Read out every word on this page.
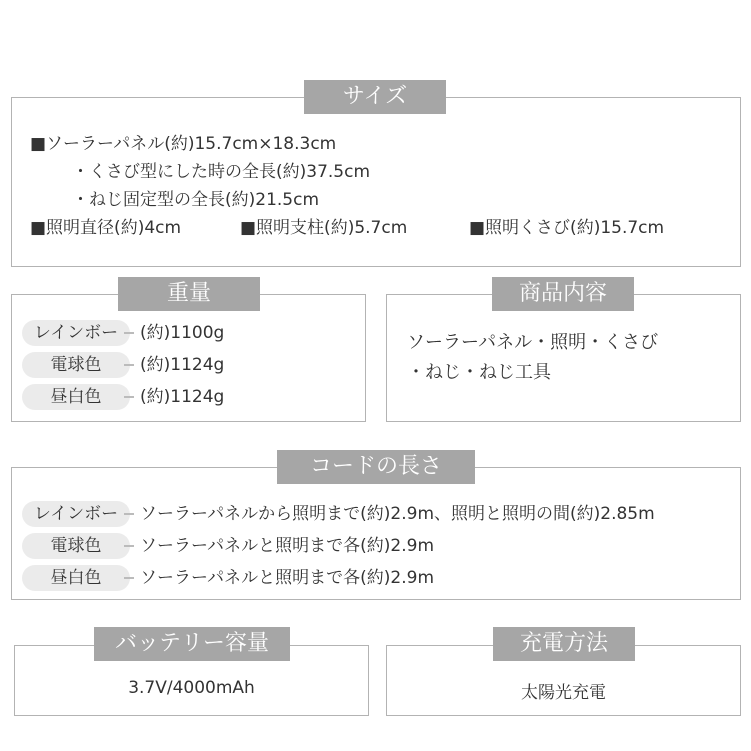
サイズ
■ソーラーパネル(約)15.7cm×18.3cm
・くさび型にした時の全長(約)37.5cm
・ねじ固定型の全長(約)21.5cm
■照明直径(約)4cm	■照明支柱(約)5.7cm	■照明くさび(約)15.7cm
重量
レインボー	(約)1100g
電球色	(約)1124g
昼白色	(約)1124g
商品内容
ソーラーパネル・照明・くさび
・ねじ・ねじ工具
コードの長さ
レインボー	ソーラーパネルから照明まで(約)2.9m、照明と照明の間(約)2.85m
電球色	ソーラーパネルと照明まで各(約)2.9m
昼白色	ソーラーパネルと照明まで各(約)2.9m
バッテリー容量
3.7V/4000mAh
充電方法
太陽光充電
